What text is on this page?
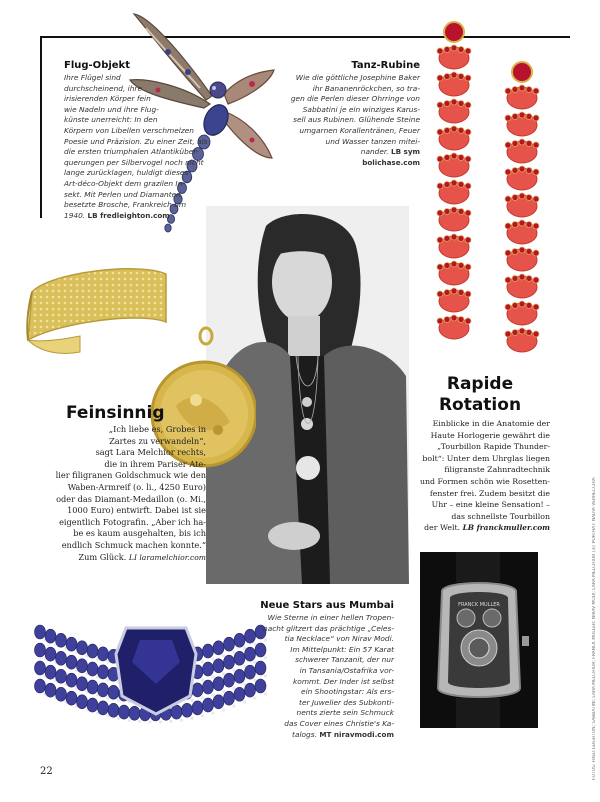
Flug-Objekt
Ihre Flügel sind
durchscheinend, ihre
irisierenden Körper fein
wie Nadeln und ihre Flug-
künste unerreicht: In den
Körpern von Libellen verschmelzen
Poesie und Präzision. Zu einer Zeit, als
die ersten triumphalen Atlantiküber-
querungen per Silbervogel noch nicht
lange zurücklagen, huldigt dieses
Art-déco-Objekt dem grazilen In-
sekt. Mit Perlen und Diamanten
besetzte Brosche, Frankreich um
1940. LB fredleighton.com
Tanz-Rubine
Wie die göttliche Josephine Baker
ihr Bananenröckchen, so tra-
gen die Perlen dieser Ohrringe von
Sabbatini je ein winziges Karus-
sell aus Rubinen. Glühende Steine
umgarnen Korallentränen, Feuer
und Wasser tanzen mitei-
nander. LB sym
bolichase.com
Feinsinnig
„Ich liebe es, Grobes in
Zartes zu verwandeln“,
sagt Lara Melchior rechts,
die in ihrem Pariser Ate-
lier filigranen Goldschmuck wie den
Waben-Armreif (o. li., 4250 Euro)
oder das Diamant-Medaillon (o. Mi.,
1000 Euro) entwirft. Dabei ist sie
eigentlich Fotografin. „Aber ich ha-
be es kaum ausgehalten, bis ich
endlich Schmuck machen konnte.“
Zum Glück. LI laramelchior.com
Rapide
Rotation
Einblicke in die Anatomie der
Haute Horlogerie gewährt die
„Tourbillon Rapide Thunder-
bolt“: Unter dem Uhrglas liegen
filigranste Zahnradtechnik
und Formen schön wie Rosetten-
fenster frei. Zudem besitzt die
Uhr – eine kleine Sensation! –
das schnellste Tourbillon
der Welt. LB franckmuller.com
FRANCK MULLER
Neue Stars aus Mumbai
Wie Sterne in einer hellen Tropen-
nacht glitzert das prächtige „Celes-
tia Necklace“ von Nirav Modi.
Im Mittelpunkt: Ein 57 Karat
schwerer Tanzanit, der nur
in Tansania/Ostafrika vor-
kommt. Der Inder ist selbst
ein Shootingstar: Als ers-
ter Juwelier des Subkonti-
nents zierte sein Schmuck
das Cover eines Christie's Ka-
talogs. MT niravmodi.com	FOTOS: FRED LEIGHTON; SABBATINI; LARA MELCHIOR; FRANCK MULLER; NIRAV MODI; LARA MELCHIOR (3); PORTRÄT: NADIA VERRECCHIA
22
